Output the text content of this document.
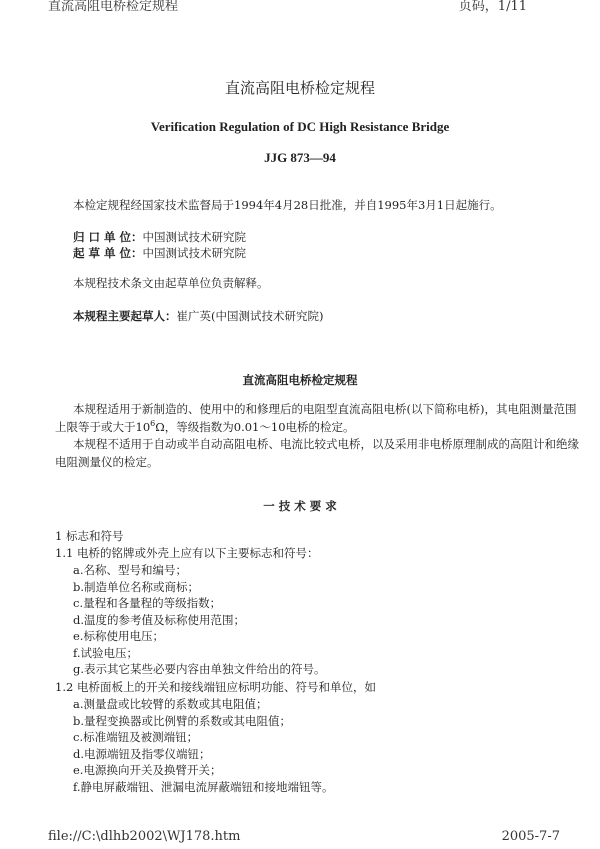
直流高阻电桥检定规程	页码，1/11
直流高阻电桥检定规程
Verification Regulation of DC High Resistance Bridge
JJG 873—94
本检定规程经国家技术监督局于1994年4月28日批准，并自1995年3月1日起施行。
归 口 单 位：中国测试技术研究院
起 草 单 位：中国测试技术研究院
本规程技术条文由起草单位负责解释。
本规程主要起草人：崔广英(中国测试技术研究院)
直流高阻电桥检定规程
本规程适用于新制造的、使用中的和修理后的电阻型直流高阻电桥(以下简称电桥)，其电阻测量范围
上限等于或大于$10^6\Omega$，等级指数为0.01～10电桥的检定。
本规程不适用于自动或半自动高阻电桥、电流比较式电桥，以及采用非电桥原理制成的高阻计和绝缘
电阻测量仪的检定。
一 技 术 要 求
1 标志和符号
1.1 电桥的铭牌或外壳上应有以下主要标志和符号：
a.名称、型号和编号；
b.制造单位名称或商标；
c.量程和各量程的等级指数；
d.温度的参考值及标称使用范围；
e.标称使用电压；
f.试验电压；
g.表示其它某些必要内容由单独文件给出的符号。
1.2 电桥面板上的开关和接线端钮应标明功能、符号和单位，如
a.测量盘或比较臂的系数或其电阻值；
b.量程变换器或比例臂的系数或其电阻值；
c.标准端钮及被测端钮；
d.电源端钮及指零仪端钮；
e.电源换向开关及换臂开关；
f.静电屏蔽端钮、泄漏电流屏蔽端钮和接地端钮等。
file://C:\dlhb2002\WJ178.htm	2005-7-7
